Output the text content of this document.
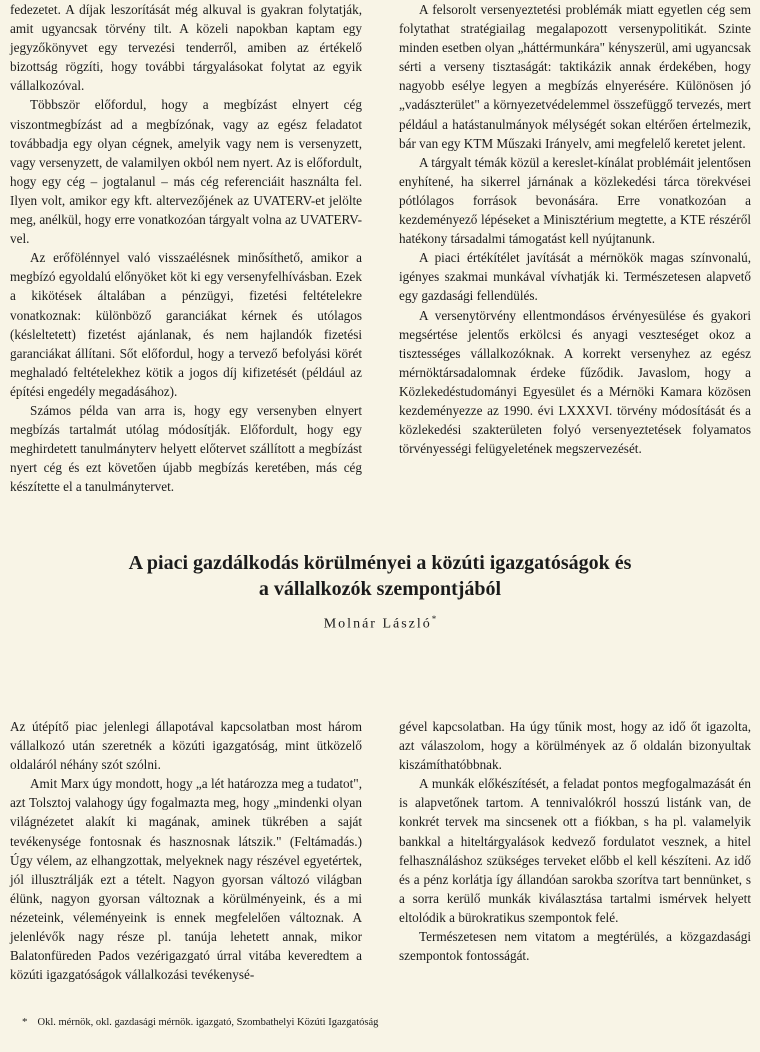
fedezetet. A díjak leszorítását még alkuval is gyakran folytatják, amit ugyancsak törvény tilt. A közeli napokban kaptam egy jegyzőkönyvet egy tervezési tenderről, amiben az értékelő bizottság rögzíti, hogy további tárgyalásokat folytat az egyik vállalkozóval.

Többször előfordul, hogy a megbízást elnyert cég viszontmegbízást ad a megbízónak, vagy az egész feladatot továbbadja egy olyan cégnek, amelyik vagy nem is versenyzett, vagy versenyzett, de valamilyen okból nem nyert. Az is előfordult, hogy egy cég – jogtalanul – más cég referenciáit használta fel. Ilyen volt, amikor egy kft. altervezőjének az UVATERV-et jelölte meg, anélkül, hogy erre vonatkozóan tárgyalt volna az UVATERV-vel.

Az erőfölénnyel való visszaélésnek minősíthető, amikor a megbízó egyoldalú előnyöket köt ki egy versenyfelhívásban. Ezek a kikötések általában a pénzügyi, fizetési feltételekre vonatkoznak: különböző garanciákat kérnek és utólagos (késleltetett) fizetést ajánlanak, és nem hajlandók fizetési garanciákat állítani. Sőt előfordul, hogy a tervező befolyási körét meghaladó feltételekhez kötik a jogos díj kifizetését (például az építési engedély megadásához).

Számos példa van arra is, hogy egy versenyben elnyert megbízás tartalmát utólag módosítják. Előfordult, hogy egy meghirdetett tanulmányterv helyett előtervet szállított a megbízást nyert cég és ezt követően újabb megbízás keretében, más cég készítette el a tanulmánytervet.

A felsorolt versenyeztetési problémák miatt egyetlen cég sem folytathat stratégiailag megalapozott versenypolitikát. Szinte minden esetben olyan „háttérmunkára" kényszerül, ami ugyancsak sérti a verseny tisztaságát: taktikázik annak érdekében, hogy nagyobb esélye legyen a megbízás elnyerésére. Különösen jó „vadászterület" a környezetvédelemmel összefüggő tervezés, mert például a hatástanulmányok mélységét sokan eltérően értelmezik, bár van egy KTM Műszaki Irányelv, ami megfelelő keretet jelent.

A tárgyalt témák közül a kereslet-kínálat problémáit jelentősen enyhítené, ha sikerrel járnának a közlekedési tárca törekvései pótlólagos források bevonására. Erre vonatkozóan a kezdeményező lépéseket a Minisztérium megtette, a KTE részéről hatékony társadalmi támogatást kell nyújtanunk.

A piaci értékítélet javítását a mérnökök magas színvonalú, igényes szakmai munkával vívhatják ki. Természetesen alapvető egy gazdasági fellendülés.

A versenytörvény ellentmondásos érvényesülése és gyakori megsértése jelentős erkölcsi és anyagi veszteséget okoz a tisztességes vállalkozóknak. A korrekt versenyhez az egész mérnöktársadalomnak érdeke fűződik. Javaslom, hogy a Közlekedéstudományi Egyesület és a Mérnöki Kamara közösen kezdeményezze az 1990. évi LXXXVI. törvény módosítását és a közlekedési szakterületen folyó versenyeztetések folyamatos törvényességi felügyeletének megszervezését.

A piaci gazdálkodás körülményei a közúti igazgatóságok és
a vállalkozók szempontjából
Molnár László*

Az útépítő piac jelenlegi állapotával kapcsolatban most három vállalkozó után szeretnék a közúti igazgatóság, mint ütközelő oldaláról néhány szót szólni.

Amit Marx úgy mondott, hogy „a lét határozza meg a tudatot", azt Tolsztoj valahogy úgy fogalmazta meg, hogy „mindenki olyan világnézetet alakít ki magának, aminek tükrében a saját tevékenysége fontosnak és hasznosnak látszik." (Feltámadás.) Úgy vélem, az elhangzottak, melyeknek nagy részével egyetértek, jól illusztrálják ezt a tételt. Nagyon gyorsan változó világban élünk, nagyon gyorsan változnak a körülményeink, és a mi nézeteink, véleményeink is ennek megfelelően változnak. A jelenlévők nagy része pl. tanúja lehetett annak, mikor Balatonfüreden Pados vezérigazgató úrral vitába keveredtem a közúti igazgatóságok vállalkozási tevékenysé-

gével kapcsolatban. Ha úgy tűnik most, hogy az idő őt igazolta, azt válaszolom, hogy a körülmények az ő oldalán bizonyultak kiszámíthatóbbnak.

A munkák előkészítését, a feladat pontos megfogalmazását én is alapvetőnek tartom. A tennivalókról hosszú listánk van, de konkrét tervek ma sincsenek ott a fiókban, s ha pl. valamelyik bankkal a hiteltárgyalások kedvező fordulatot vesznek, a hitel felhasználáshoz szükséges terveket előbb el kell készíteni. Az idő és a pénz korlátja így állandóan sarokba szorítva tart bennünket, s a sorra kerülő munkák kiválasztása tartalmi ismérvek helyett eltolódik a bürokratikus szempontok felé.

Természetesen nem vitatom a megtérülés, a közgazdasági szempontok fontosságát.

* Okl. mérnök, okl. gazdasági mérnök. igazgató, Szombathelyi Közúti Igazgatóság
